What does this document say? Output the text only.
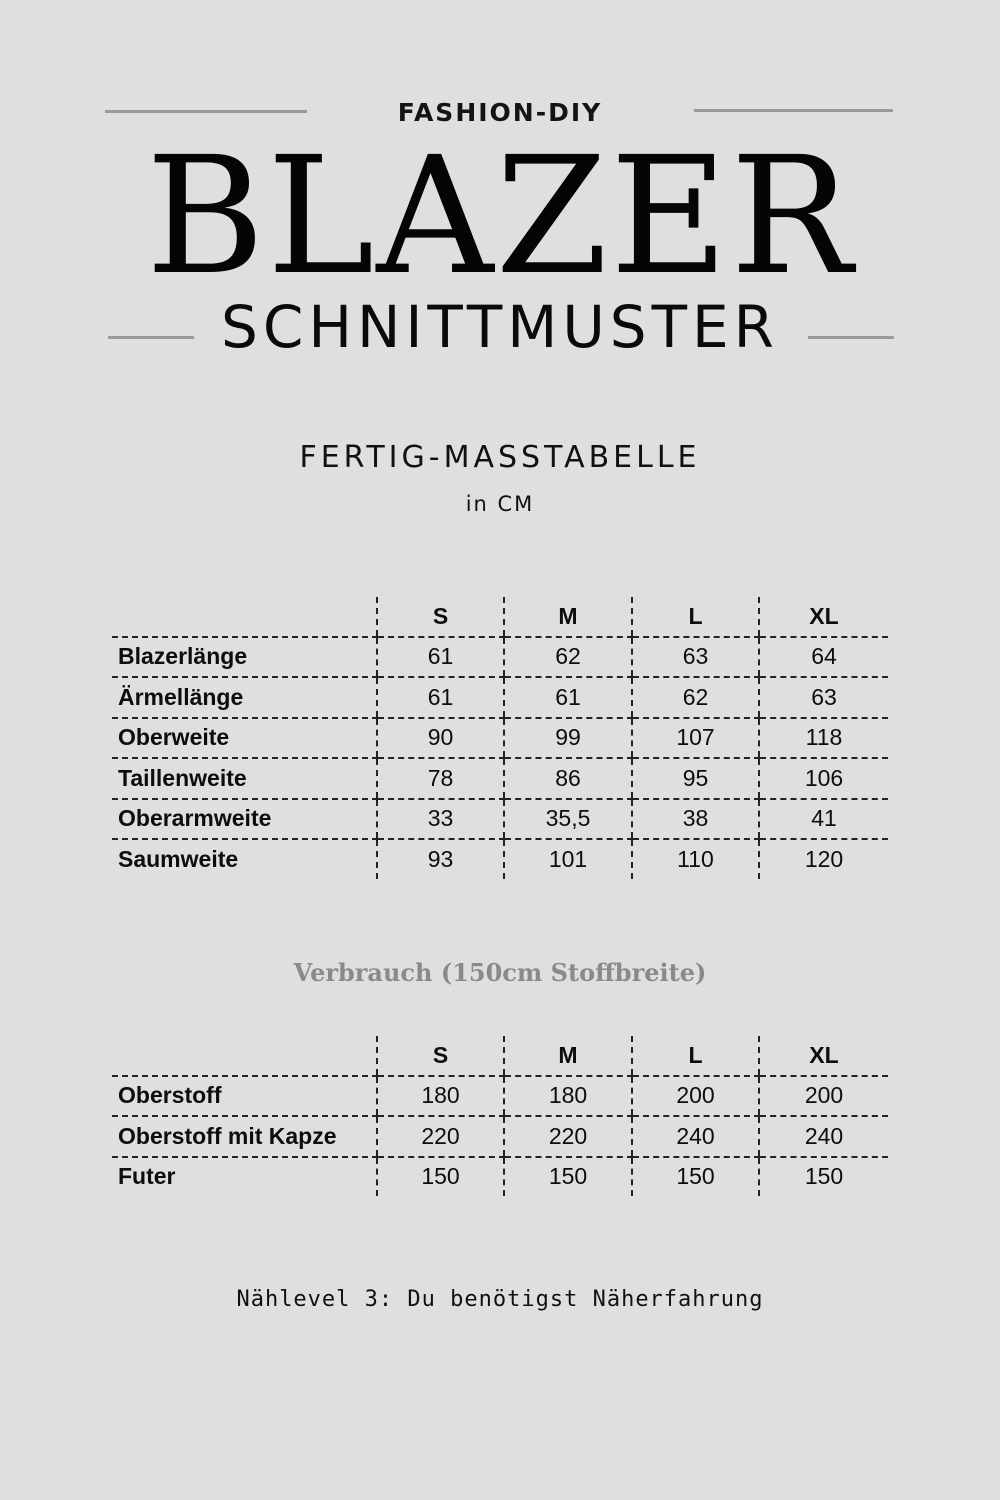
FASHION-DIY
BLAZER
SCHNITTMUSTER
FERTIG-MASSTABELLE
in CM
	S	M	L	XL
Blazerlänge	61	62	63	64
Ärmellänge	61	61	62	63
Oberweite	90	99	107	118
Taillenweite	78	86	95	106
Oberarmweite	33	35,5	38	41
Saumweite	93	101	110	120
Verbrauch (150cm Stoffbreite)
	S	M	L	XL
Oberstoff	180	180	200	200
Oberstoff mit Kapze	220	220	240	240
Futer	150	150	150	150
Nählevel 3: Du benötigst Näherfahrung
